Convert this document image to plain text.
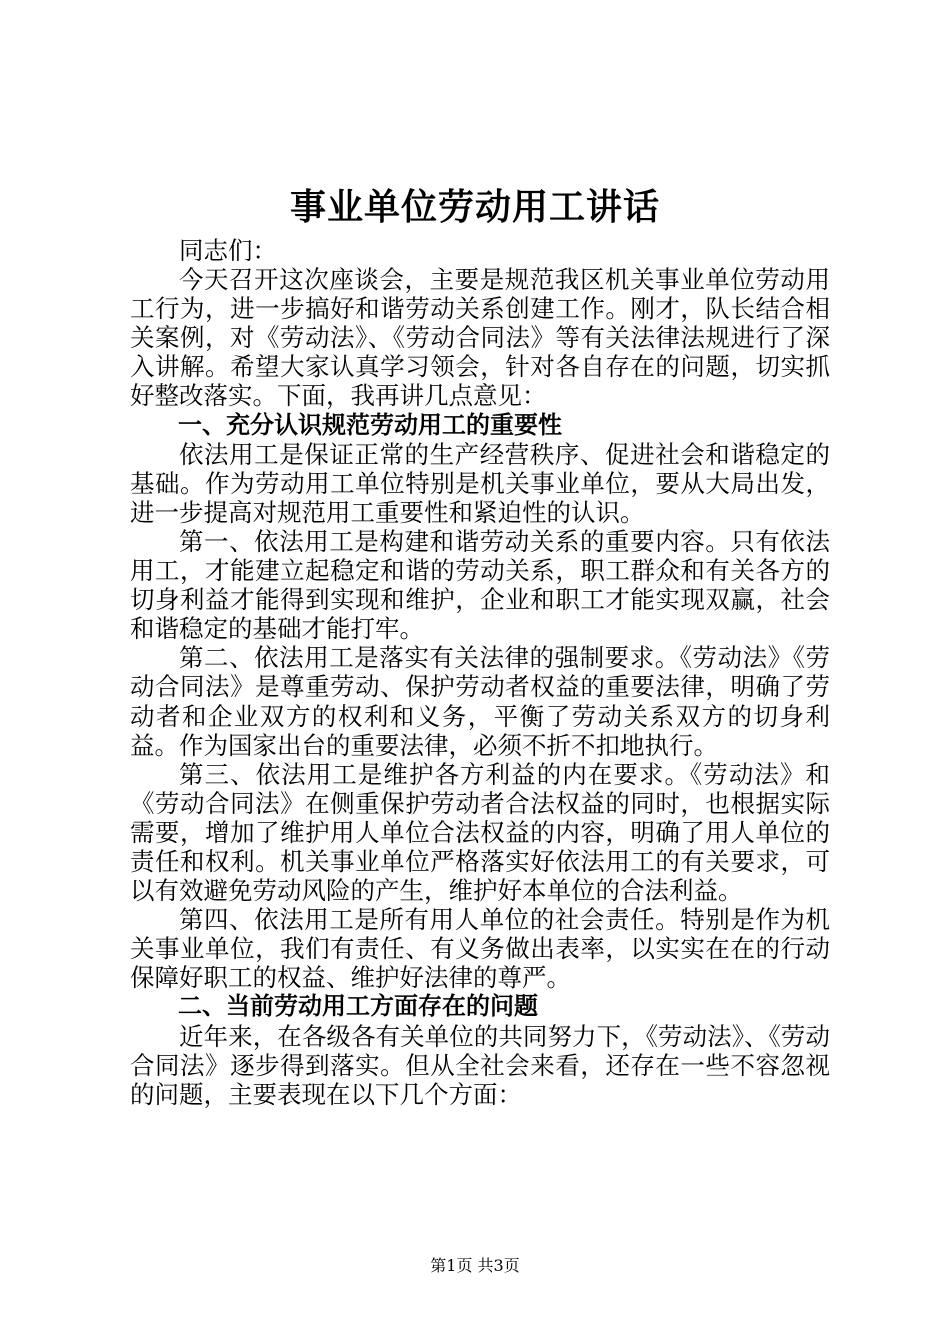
事业单位劳动用工讲话

同志们：

今天召开这次座谈会，主要是规范我区机关事业单位劳动用工行为，进一步搞好和谐劳动关系创建工作。刚才，队长结合相关案例，对《劳动法》、《劳动合同法》等有关法律法规进行了深入讲解。希望大家认真学习领会，针对各自存在的问题，切实抓好整改落实。下面，我再讲几点意见：

一、充分认识规范劳动用工的重要性

依法用工是保证正常的生产经营秩序、促进社会和谐稳定的基础。作为劳动用工单位特别是机关事业单位，要从大局出发，进一步提高对规范用工重要性和紧迫性的认识。

第一、依法用工是构建和谐劳动关系的重要内容。只有依法用工，才能建立起稳定和谐的劳动关系，职工群众和有关各方的切身利益才能得到实现和维护，企业和职工才能实现双赢，社会和谐稳定的基础才能打牢。

第二、依法用工是落实有关法律的强制要求。《劳动法》《劳动合同法》是尊重劳动、保护劳动者权益的重要法律，明确了劳动者和企业双方的权利和义务，平衡了劳动关系双方的切身利益。作为国家出台的重要法律，必须不折不扣地执行。

第三、依法用工是维护各方利益的内在要求。《劳动法》和《劳动合同法》在侧重保护劳动者合法权益的同时，也根据实际需要，增加了维护用人单位合法权益的内容，明确了用人单位的责任和权利。机关事业单位严格落实好依法用工的有关要求，可以有效避免劳动风险的产生，维护好本单位的合法利益。

第四、依法用工是所有用人单位的社会责任。特别是作为机关事业单位，我们有责任、有义务做出表率，以实实在在的行动保障好职工的权益、维护好法律的尊严。

二、当前劳动用工方面存在的问题

近年来，在各级各有关单位的共同努力下，《劳动法》、《劳动合同法》逐步得到落实。但从全社会来看，还存在一些不容忽视的问题，主要表现在以下几个方面：

第1页 共3页
